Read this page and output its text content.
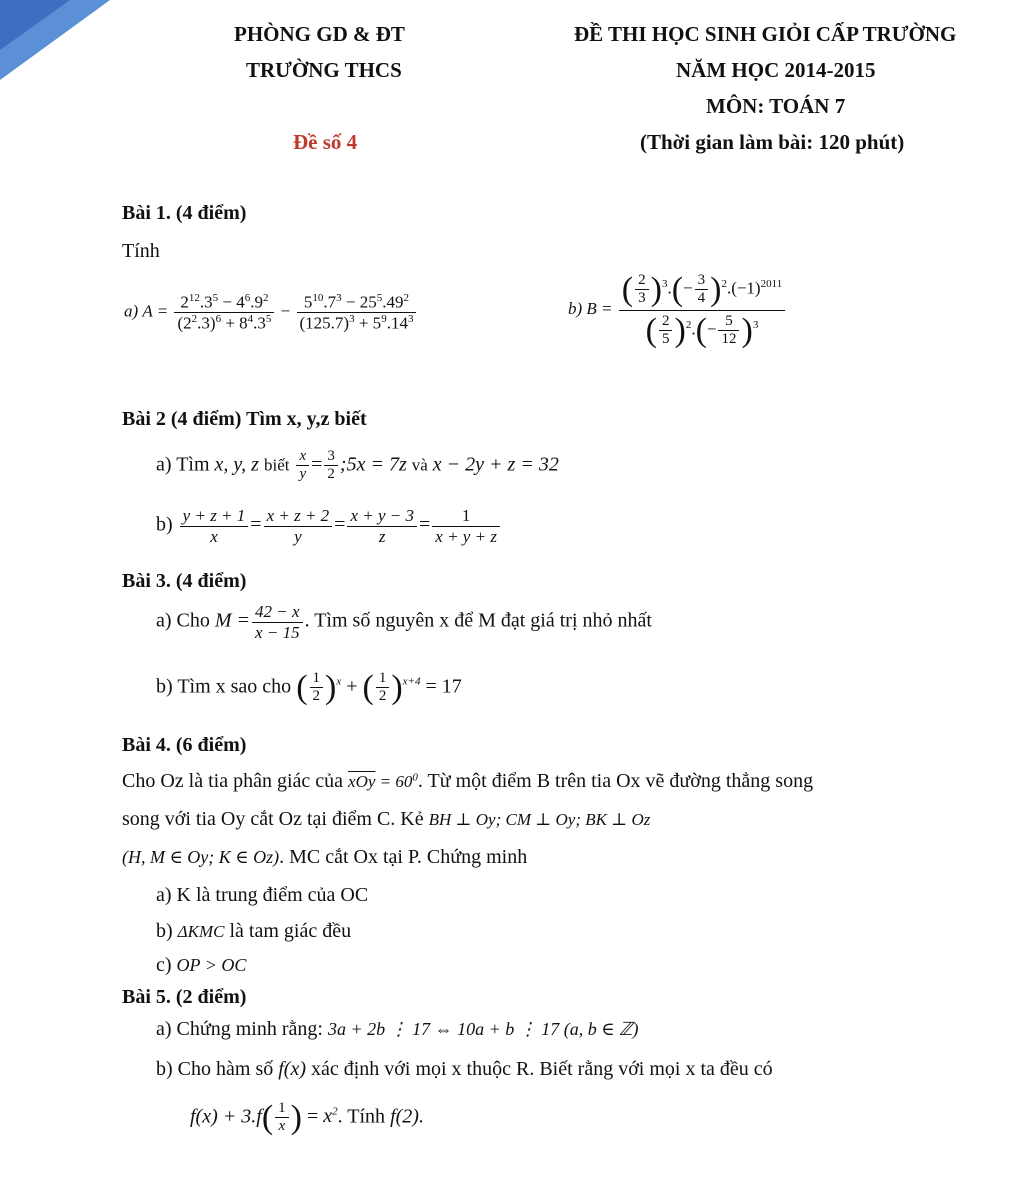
PHÒNG GD & ĐT
TRƯỜNG THCS
ĐỀ THI HỌC SINH GIỎI CẤP TRƯỜNG
NĂM HỌC 2014-2015
MÔN: TOÁN 7
Đề số 4	(Thời gian làm bài: 120 phút)
Bài 1. (4 điểm)
Tính
a) $A = \frac{2^{12}.3^5 - 4^6.9^2}{(2^2.3)^6 + 8^4.3^5} - \frac{5^{10}.7^3 - 25^5.49^2}{(125.7)^3 + 5^9.14^3}$	b) $B = \frac{( \frac{2}{3} )^3.(- \frac{3}{4} )^2.(-1)^{2011}}{( \frac{2}{5} )^2.(- \frac{5}{12} )^3}$
Bài 2 (4 điểm) Tìm x, y,z biết
a) Tìm x, y, z biết $\frac{x}{y} = \frac{3}{2}$ ;5x = 7z và x − 2y + z = 32
$b) \frac{y + z + 1}{x} = \frac{x + z + 2}{y} = \frac{x + y - 3}{z} = \frac{1}{x + y + z}$
Bài 3. (4 điểm)
a) Cho $M = \frac{42 - x}{x - 15}$ . Tìm số nguyên x để M đạt giá trị nhỏ nhất
b) Tìm x sao cho ( $\frac{1}{2} )^x$ + ( $\frac{1}{2} )^{x+4} = 17$
Bài 4. (6 điểm)
Cho Oz là tia phân giác của $\overline{xOy} = 60^0$. Từ một điểm B trên tia Ox vẽ đường thẳng song
song với tia Oy cắt Oz tại điểm C. Kẻ BH ⊥ Oy; CM ⊥ Oy; BK ⊥ Oz
(H, M ∈ Oy; K ∈ Oz). MC cắt Ox tại P. Chứng minh
a) K là trung điểm của OC
b) ΔKMC là tam giác đều
c) OP > OC
Bài 5. (2 điểm)
a) Chứng minh rằng: 3a + 2b ⋮ 17 ⇔ 10a + b ⋮ 17 (a, b ∈ ℤ)
b) Cho hàm số f(x) xác định với mọi x thuộc R. Biết rằng với mọi x ta đều có
$f(x) + 3.f( \frac{1}{x}$ ) = $x^2$. Tính f(2).
